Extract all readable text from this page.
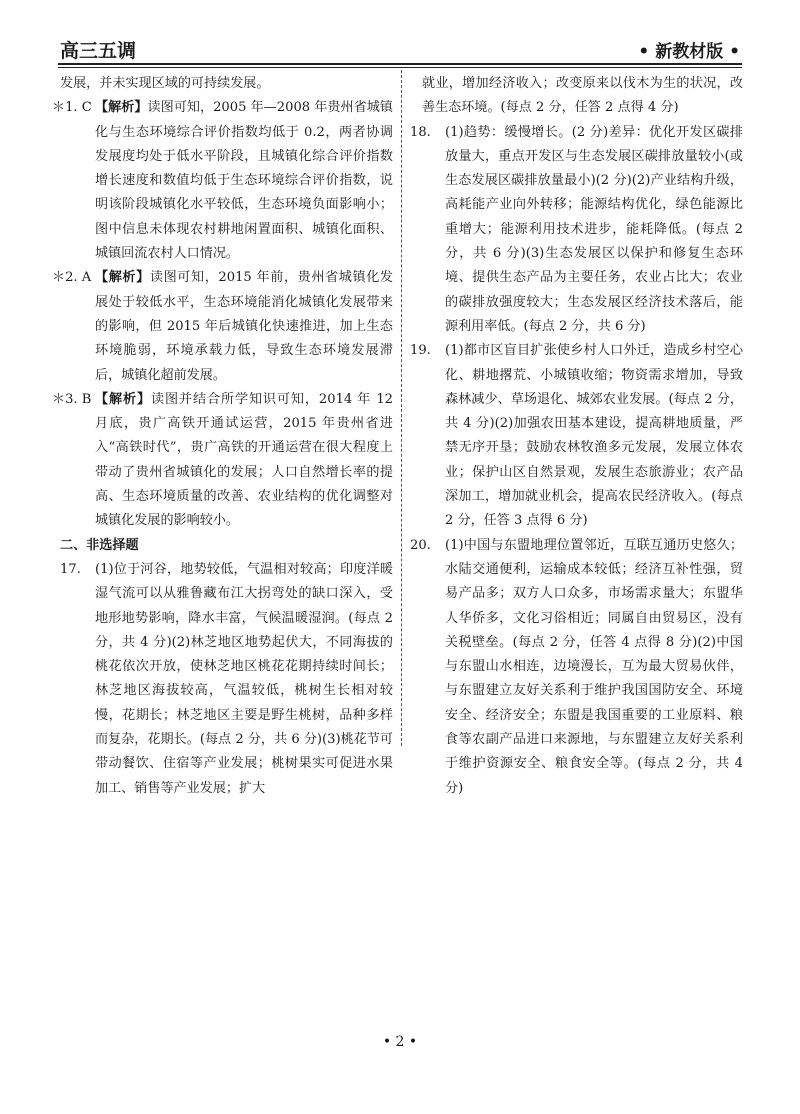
高三五调	• 新教材版 •

发展，并未实现区域的可持续发展。

＊1. C 【解析】读图可知，2005 年—2008 年贵州省城镇化与生态环境综合评价指数均低于 0.2，两者协调发展度均处于低水平阶段，且城镇化综合评价指数增长速度和数值均低于生态环境综合评价指数，说明该阶段城镇化水平较低，生态环境负面影响小；图中信息未体现农村耕地闲置面积、城镇化面积、城镇回流农村人口情况。
＊2. A 【解析】读图可知，2015 年前，贵州省城镇化发展处于较低水平，生态环境能消化城镇化发展带来的影响，但 2015 年后城镇化快速推进，加上生态环境脆弱，环境承载力低，导致生态环境发展滞后，城镇化超前发展。
＊3. B 【解析】读图并结合所学知识可知，2014 年 12 月底，贵广高铁开通试运营，2015 年贵州省进入“高铁时代”，贵广高铁的开通运营在很大程度上带动了贵州省城镇化的发展；人口自然增长率的提高、生态环境质量的改善、农业结构的优化调整对城镇化发展的影响较小。

二、非选择题

17. (1)位于河谷，地势较低，气温相对较高；印度洋暖湿气流可以从雅鲁藏布江大拐弯处的缺口深入，受地形地势影响，降水丰富，气候温暖湿润。(每点 2 分，共 4 分)(2)林芝地区地势起伏大，不同海拔的桃花依次开放，使林芝地区桃花花期持续时间长；林芝地区海拔较高，气温较低，桃树生长相对较慢，花期长；林芝地区主要是野生桃树，品种多样而复杂，花期长。(每点 2 分，共 6 分)(3)桃花节可带动餐饮、住宿等产业发展；桃树果实可促进水果加工、销售等产业发展；扩大

就业，增加经济收入；改变原来以伐木为生的状况，改善生态环境。(每点 2 分，任答 2 点得 4 分)

18. (1)趋势：缓慢增长。(2 分)差异：优化开发区碳排放量大，重点开发区与生态发展区碳排放量较小(或生态发展区碳排放量最小)(2 分)(2)产业结构升级，高耗能产业向外转移；能源结构优化，绿色能源比重增大；能源利用技术进步，能耗降低。(每点 2 分，共 6 分)(3)生态发展区以保护和修复生态环境、提供生态产品为主要任务，农业占比大；农业的碳排放强度较大；生态发展区经济技术落后，能源利用率低。(每点 2 分，共 6 分)
19. (1)都市区盲目扩张使乡村人口外迁，造成乡村空心化、耕地撂荒、小城镇收缩；物资需求增加，导致森林减少、草场退化、城郊农业发展。(每点 2 分，共 4 分)(2)加强农田基本建设，提高耕地质量，严禁无序开垦；鼓励农林牧渔多元发展，发展立体农业；保护山区自然景观，发展生态旅游业；农产品深加工，增加就业机会，提高农民经济收入。(每点 2 分，任答 3 点得 6 分)
20. (1)中国与东盟地理位置邻近，互联互通历史悠久；水陆交通便利，运输成本较低；经济互补性强，贸易产品多；双方人口众多，市场需求量大；东盟华人华侨多，文化习俗相近；同属自由贸易区，没有关税壁垒。(每点 2 分，任答 4 点得 8 分)(2)中国与东盟山水相连，边境漫长，互为最大贸易伙伴，与东盟建立友好关系利于维护我国国防安全、环境安全、经济安全；东盟是我国重要的工业原料、粮食等农副产品进口来源地，与东盟建立友好关系利于维护资源安全、粮食安全等。(每点 2 分，共 4 分)
• 2 •
